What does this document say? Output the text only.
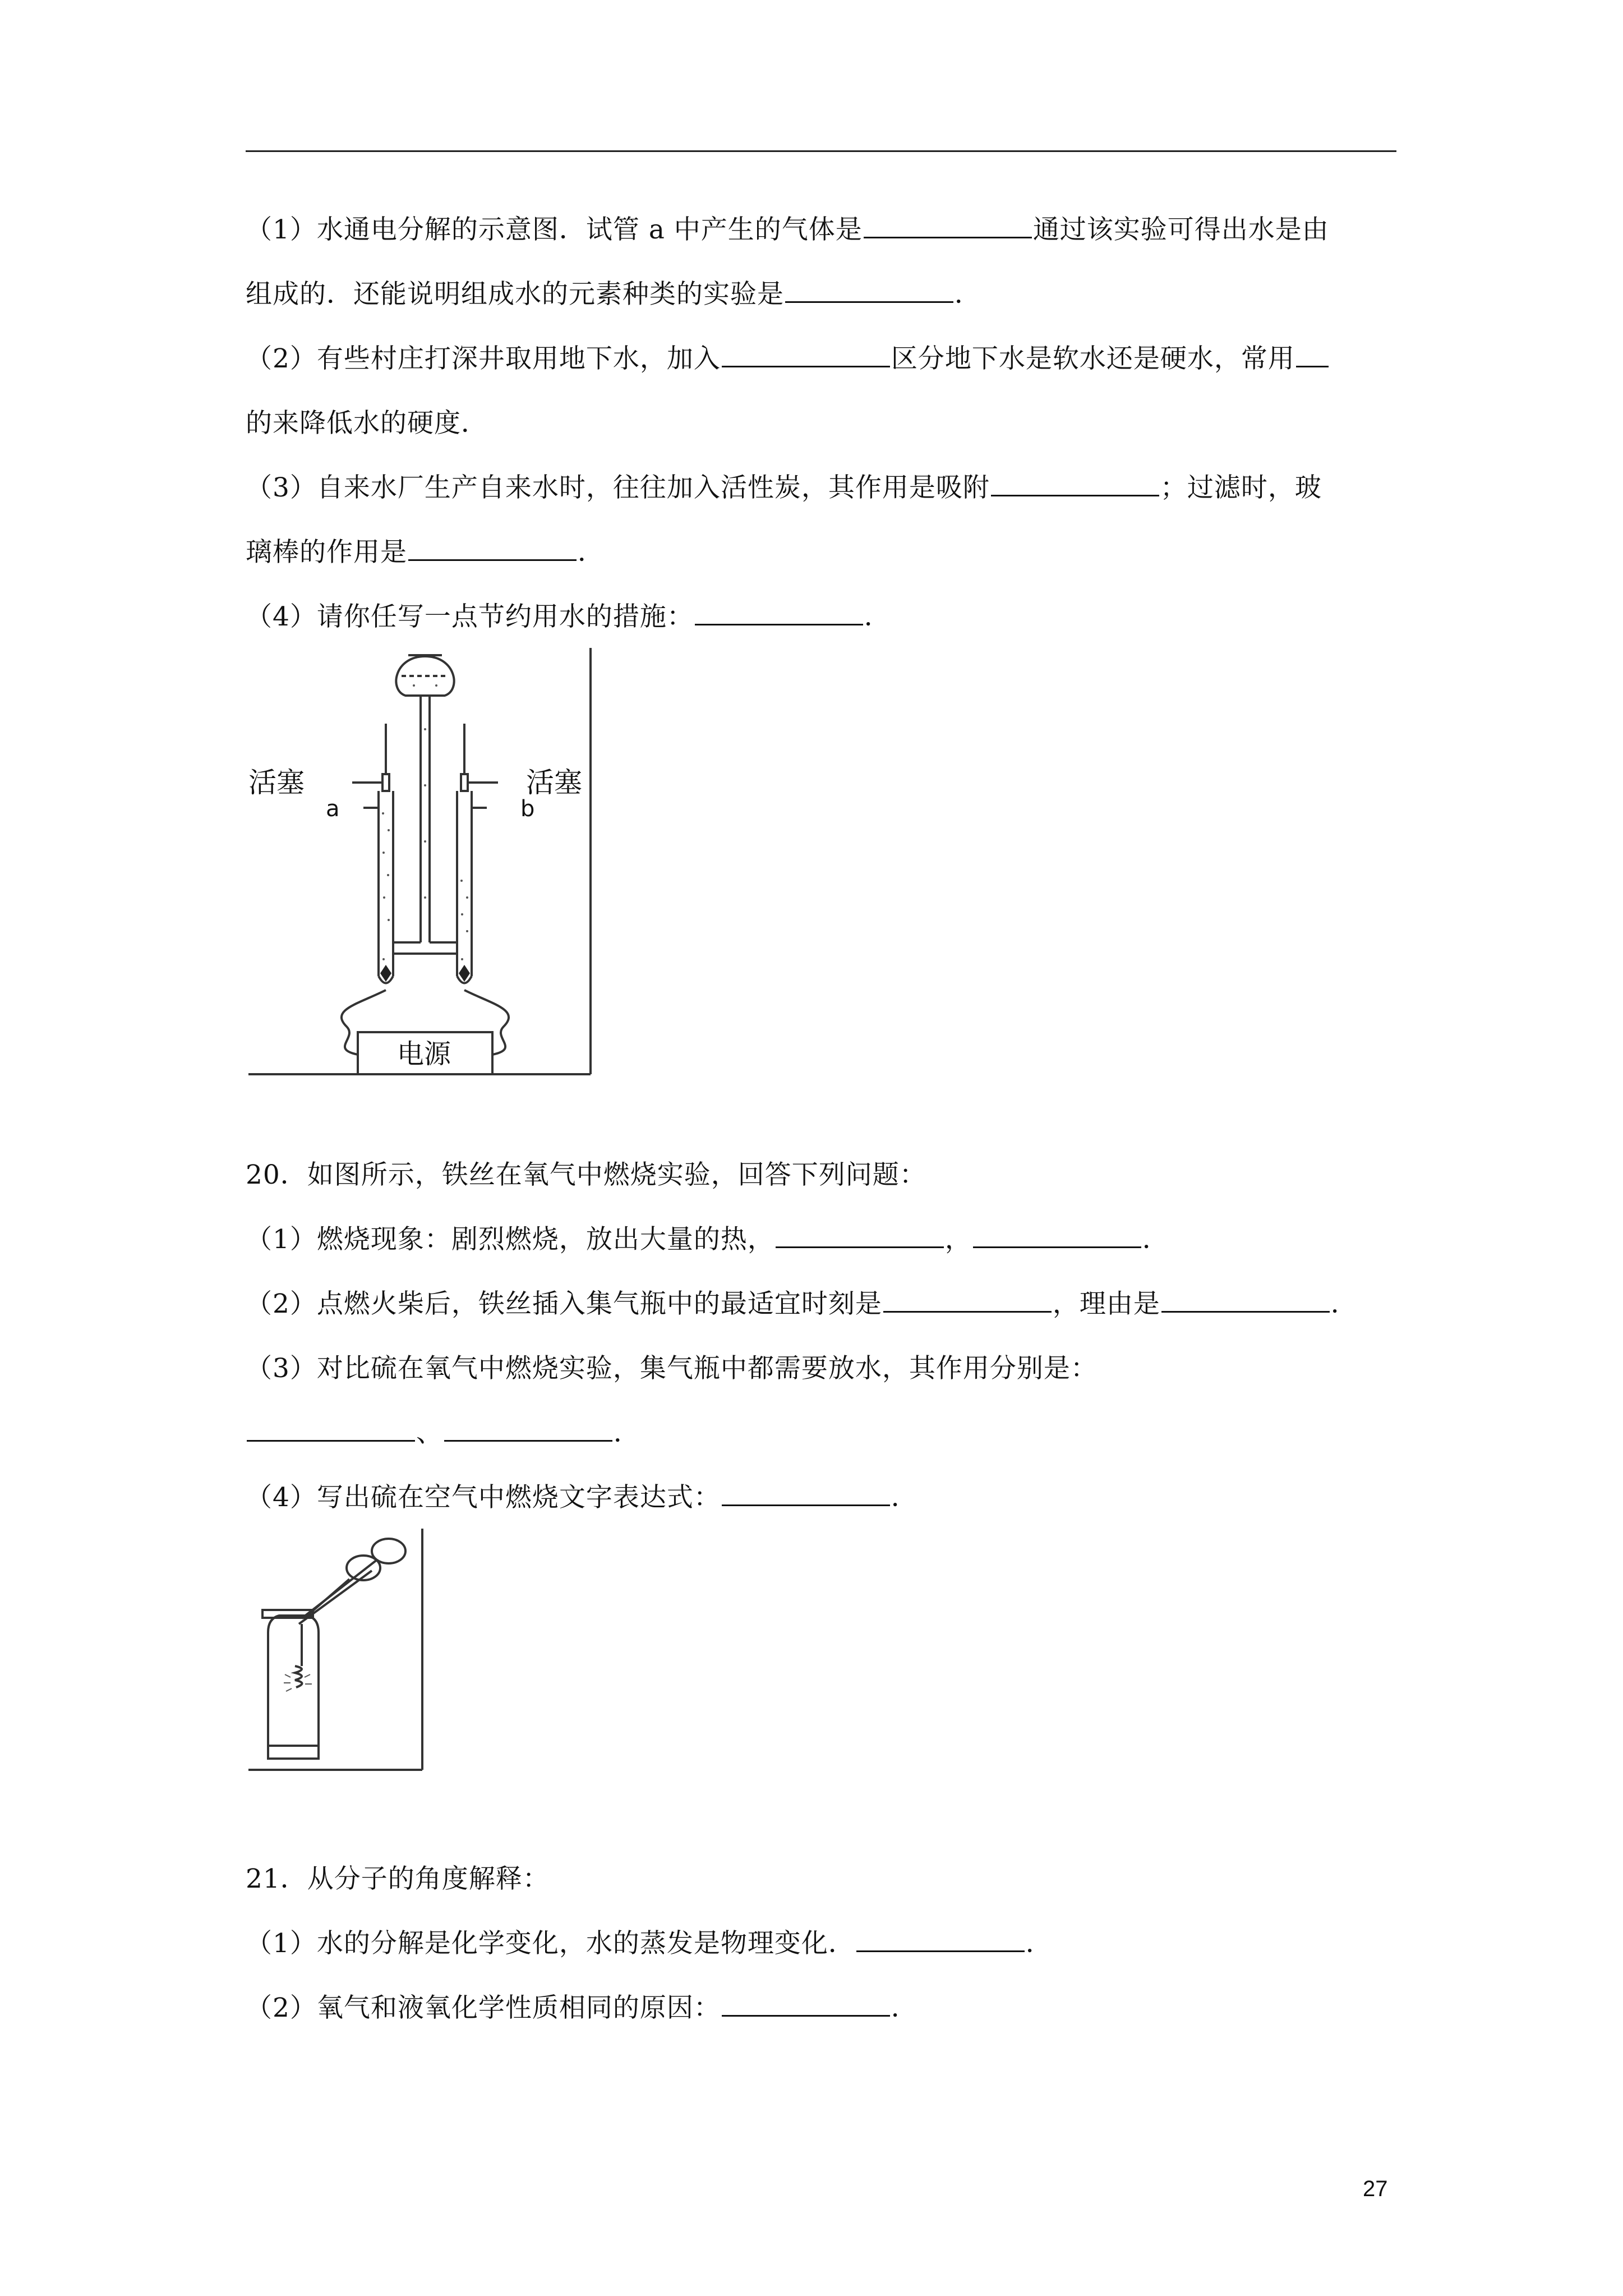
（1）水通电分解的示意图．试管 a 中产生的气体是	通过该实验可得出水是由
组成的．还能说明组成水的元素种类的实验是	．
（2）有些村庄打深井取用地下水，加入	区分地下水是软水还是硬水，常用
的来降低水的硬度．
（3）自来水厂生产自来水时，往往加入活性炭，其作用是吸附	；过滤时，玻
璃棒的作用是	．
（4）请你任写一点节约用水的措施：	．
活塞	活塞
a	b
电源
20．如图所示，铁丝在氧气中燃烧实验，回答下列问题：
（1）燃烧现象：剧烈燃烧，放出大量的热，	，	．
（2）点燃火柴后，铁丝插入集气瓶中的最适宜时刻是	，理由是	．
（3）对比硫在氧气中燃烧实验，集气瓶中都需要放水，其作用分别是：
、	．
（4）写出硫在空气中燃烧文字表达式：	．
21．从分子的角度解释：
（1）水的分解是化学变化，水的蒸发是物理变化．	．
（2）氧气和液氧化学性质相同的原因：	．
27
